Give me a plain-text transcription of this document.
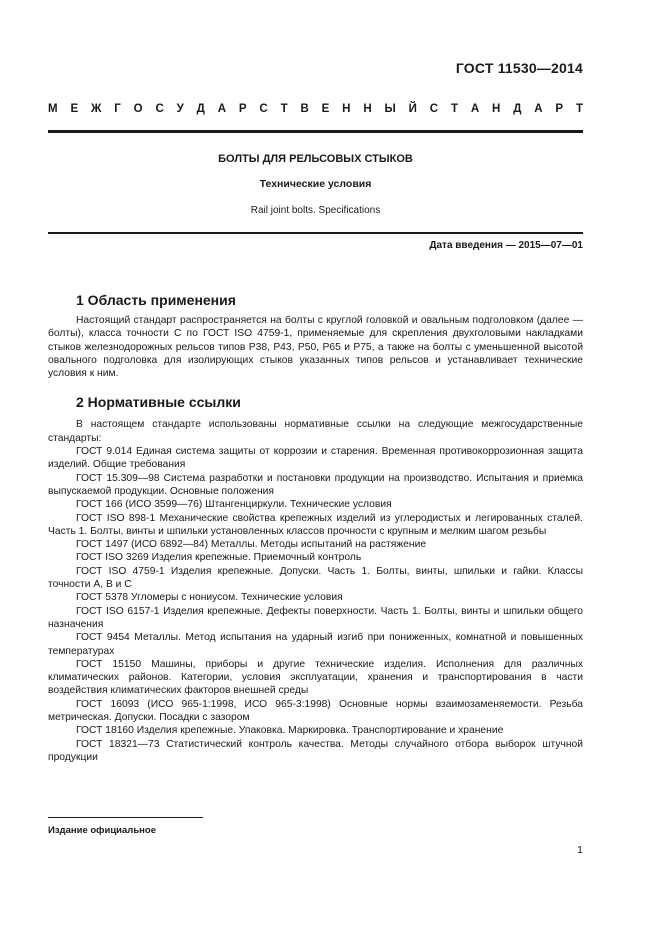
ГОСТ 11530—2014
М Е Ж Г О С У Д А Р С Т В Е Н Н Ы Й С Т А Н Д А Р Т
БОЛТЫ ДЛЯ РЕЛЬСОВЫХ СТЫКОВ
Технические условия
Rail joint bolts. Specifications
Дата введения — 2015—07—01
1 Область применения

Настоящий стандарт распространяется на болты с круглой головкой и овальным подголовком (далее — болты), класса точности С по ГОСТ ISO 4759-1, применяемые для скрепления двухголовыми накладками стыков железнодорожных рельсов типов Р38, Р43, Р50, Р65 и Р75, а также на болты с уменьшенной высотой овального подголовка для изолирующих стыков указанных типов рельсов и устанавливает технические условия к ним.

2 Нормативные ссылки

В настоящем стандарте использованы нормативные ссылки на следующие межгосударственные стандарты:

ГОСТ 9.014 Единая система защиты от коррозии и старения. Временная противокоррозионная защита изделий. Общие требования

ГОСТ 15.309—98 Система разработки и постановки продукции на производство. Испытания и приемка выпускаемой продукции. Основные положения

ГОСТ 166 (ИСО 3599—76) Штангенциркули. Технические условия

ГОСТ ISO 898-1 Механические свойства крепежных изделий из углеродистых и легированных сталей. Часть 1. Болты, винты и шпильки установленных классов прочности с крупным и мелким шагом резьбы

ГОСТ 1497 (ИСО 6892—84) Металлы. Методы испытаний на растяжение

ГОСТ ISO 3269 Изделия крепежные. Приемочный контроль

ГОСТ ISO 4759-1 Изделия крепежные. Допуски. Часть 1. Болты, винты, шпильки и гайки. Классы точности А, В и С

ГОСТ 5378 Угломеры с нониусом. Технические условия

ГОСТ ISO 6157-1 Изделия крепежные. Дефекты поверхности. Часть 1. Болты, винты и шпильки общего назначения

ГОСТ 9454 Металлы. Метод испытания на ударный изгиб при пониженных, комнатной и повышенных температурах

ГОСТ 15150 Машины, приборы и другие технические изделия. Исполнения для различных климатических районов. Категории, условия эксплуатации, хранения и транспортирования в части воздействия климатических факторов внешней среды

ГОСТ 16093 (ИСО 965-1:1998, ИСО 965-3:1998) Основные нормы взаимозаменяемости. Резьба метрическая. Допуски. Посадки с зазором

ГОСТ 18160 Изделия крепежные. Упаковка. Маркировка. Транспортирование и хранение

ГОСТ 18321—73 Статистический контроль качества. Методы случайного отбора выборок штучной продукции

Издание официальное
1
